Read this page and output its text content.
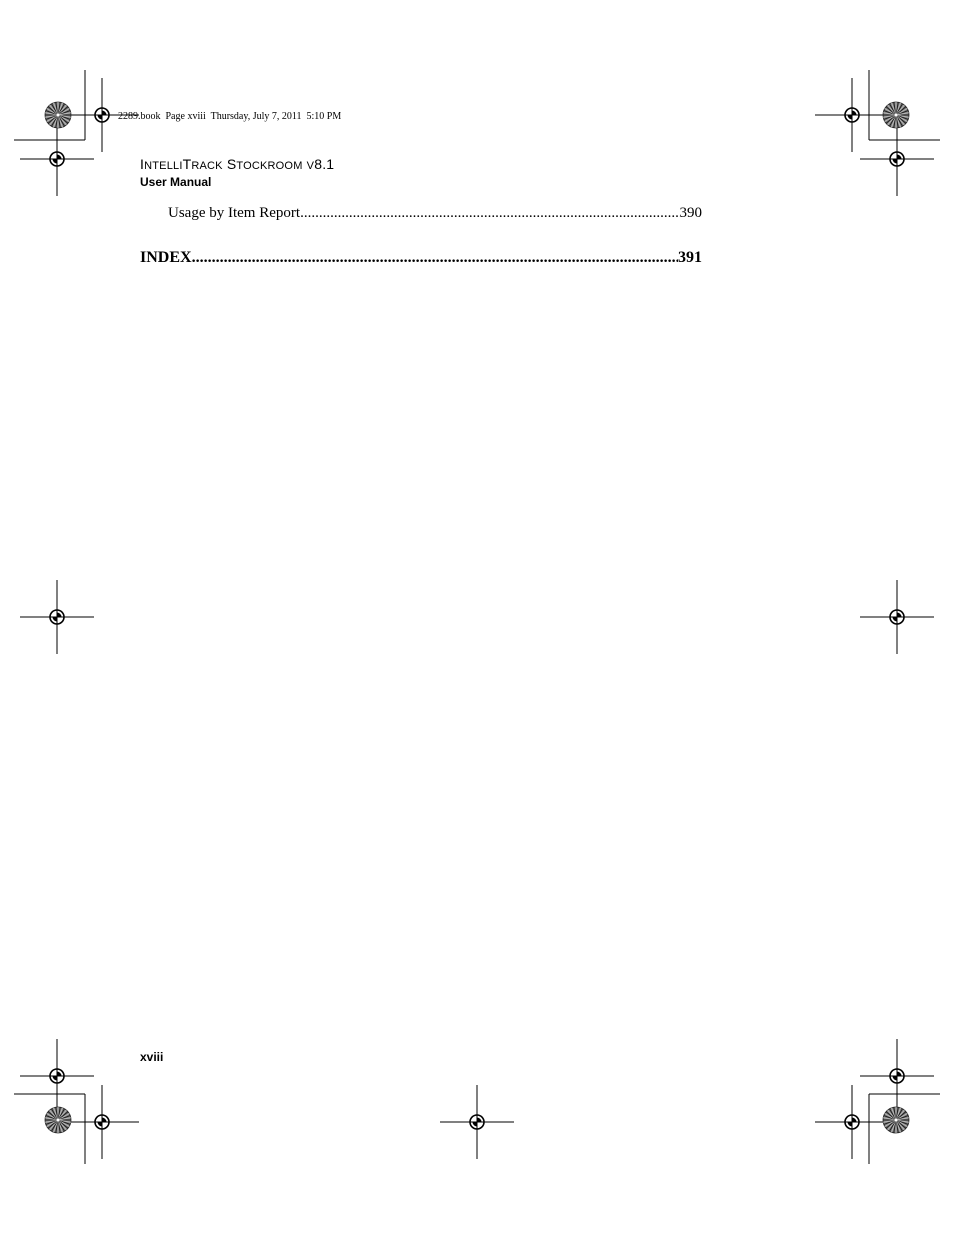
2289.book  Page xviii  Thursday, July 7, 2011  5:10 PM
INTELLITRACK STOCKROOM V8.1
User Manual
Usage by Item Report .....	390
INDEX .....	391
xviii
